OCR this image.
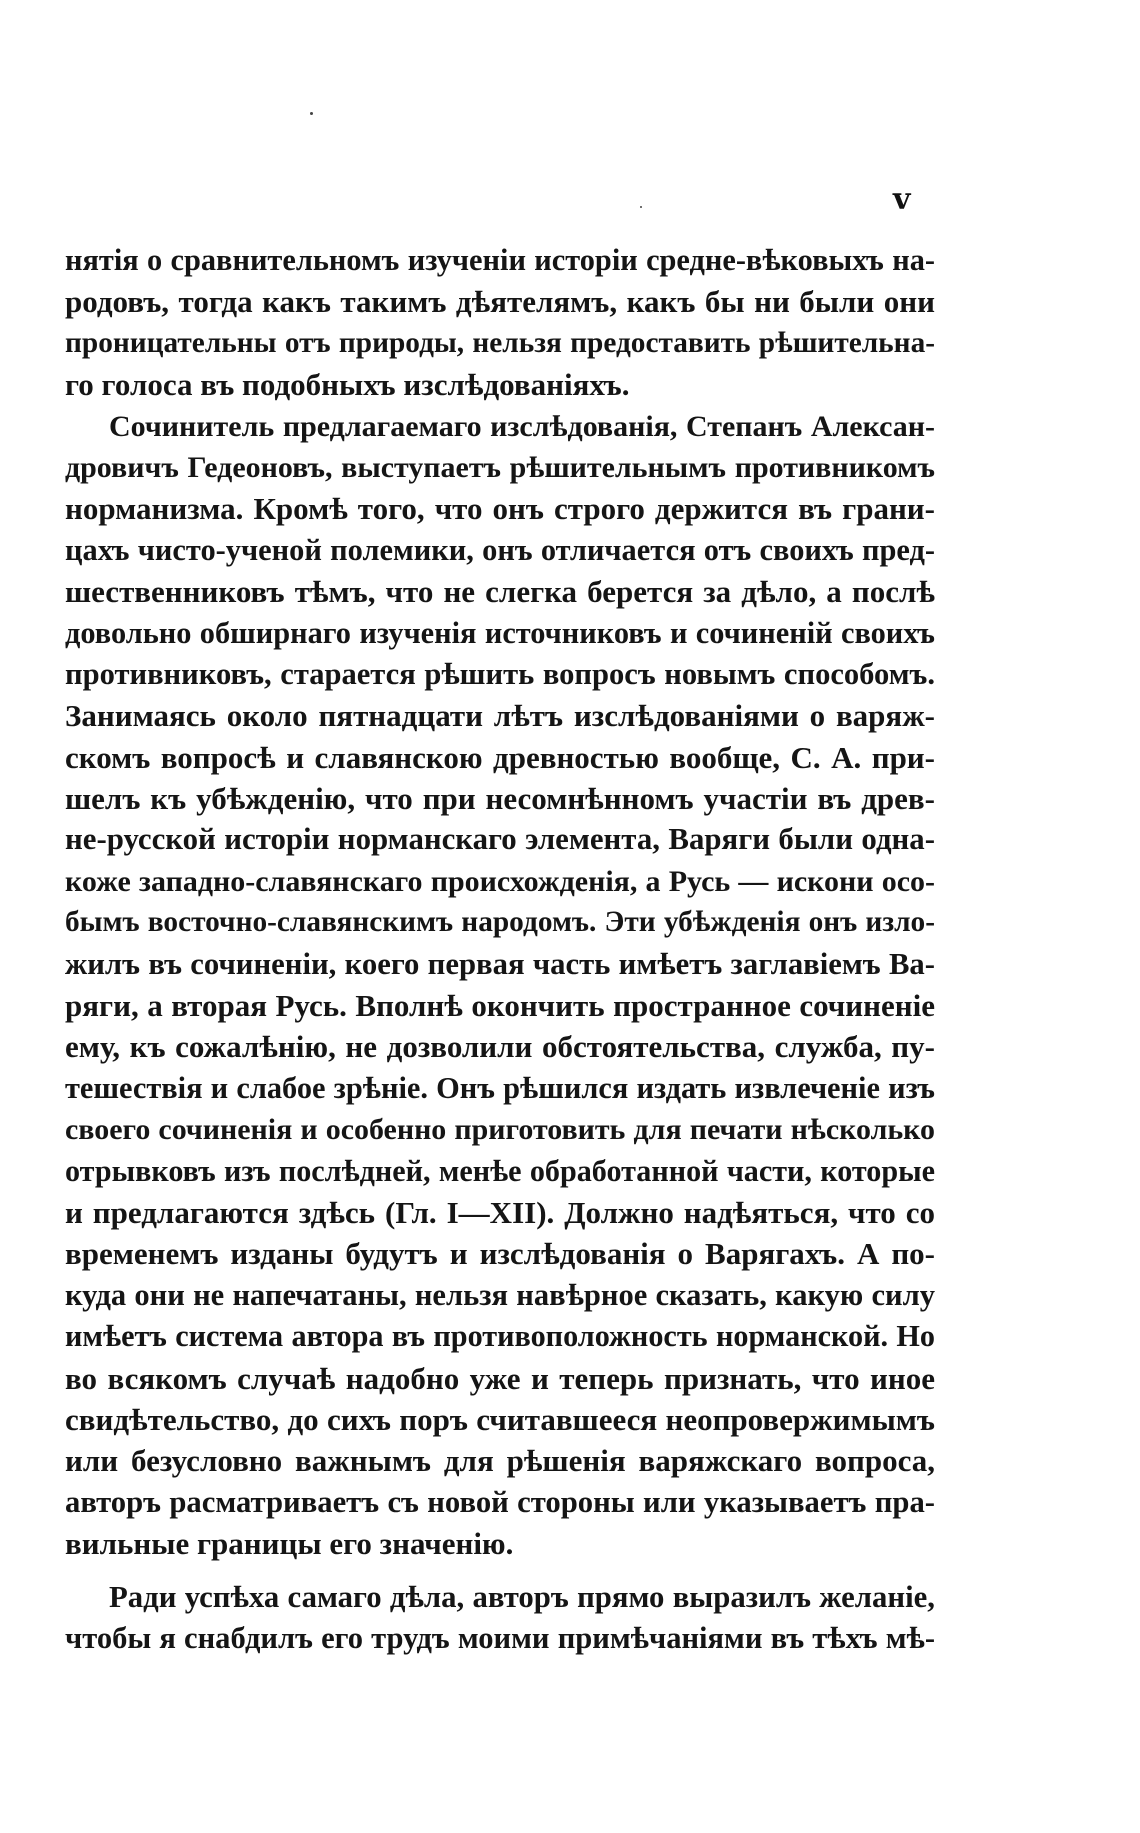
v
нятія о сравнительномъ изученіи исторіи средне-вѣковыхъ на-
родовъ, тогда какъ такимъ дѣятелямъ, какъ бы ни были они
проницательны отъ природы, нельзя предоставить рѣшительна-
го голоса въ подобныхъ изслѣдованіяхъ.
Сочинитель предлагаемаго изслѣдованія, Степанъ Алексан-
дровичъ Гедеоновъ, выступаетъ рѣшительнымъ противникомъ
норманизма. Кромѣ того, что онъ строго держится въ грани-
цахъ чисто-ученой полемики, онъ отличается отъ своихъ пред-
шественниковъ тѣмъ, что не слегка берется за дѣло, а послѣ
довольно обширнаго изученія источниковъ и сочиненій своихъ
противниковъ, старается рѣшить вопросъ новымъ способомъ.
Занимаясь около пятнадцати лѣтъ изслѣдованіями о варяж-
скомъ вопросѣ и славянскою древностью вообще, С. А. при-
шелъ къ убѣжденію, что при несомнѣнномъ участіи въ древ-
не-русской исторіи норманскаго элемента, Варяги были одна-
коже западно-славянскаго происхожденія, а Русь — искони осо-
бымъ восточно-славянскимъ народомъ. Эти убѣжденія онъ изло-
жилъ въ сочиненіи, коего первая часть имѣетъ заглавіемъ Ва-
ряги, а вторая Русь. Вполнѣ окончить пространное сочиненіе
ему, къ сожалѣнію, не дозволили обстоятельства, служба, пу-
тешествія и слабое зрѣніе. Онъ рѣшился издать извлеченіе изъ
своего сочиненія и особенно приготовить для печати нѣсколько
отрывковъ изъ послѣдней, менѣе обработанной части, которые
и предлагаются здѣсь (Гл. I—XII). Должно надѣяться, что со
временемъ изданы будутъ и изслѣдованія о Варягахъ. А по-
куда они не напечатаны, нельзя навѣрное сказать, какую силу
имѣетъ система автора въ противоположность норманской. Но
во всякомъ случаѣ надобно уже и теперь признать, что иное
свидѣтельство, до сихъ поръ считавшееся неопровержимымъ
или безусловно важнымъ для рѣшенія варяжскаго вопроса,
авторъ расматриваетъ съ новой стороны или указываетъ пра-
вильные границы его значенію.
Ради успѣха самаго дѣла, авторъ прямо выразилъ желаніе,
чтобы я снабдилъ его трудъ моими примѣчаніями въ тѣхъ мѣ-
